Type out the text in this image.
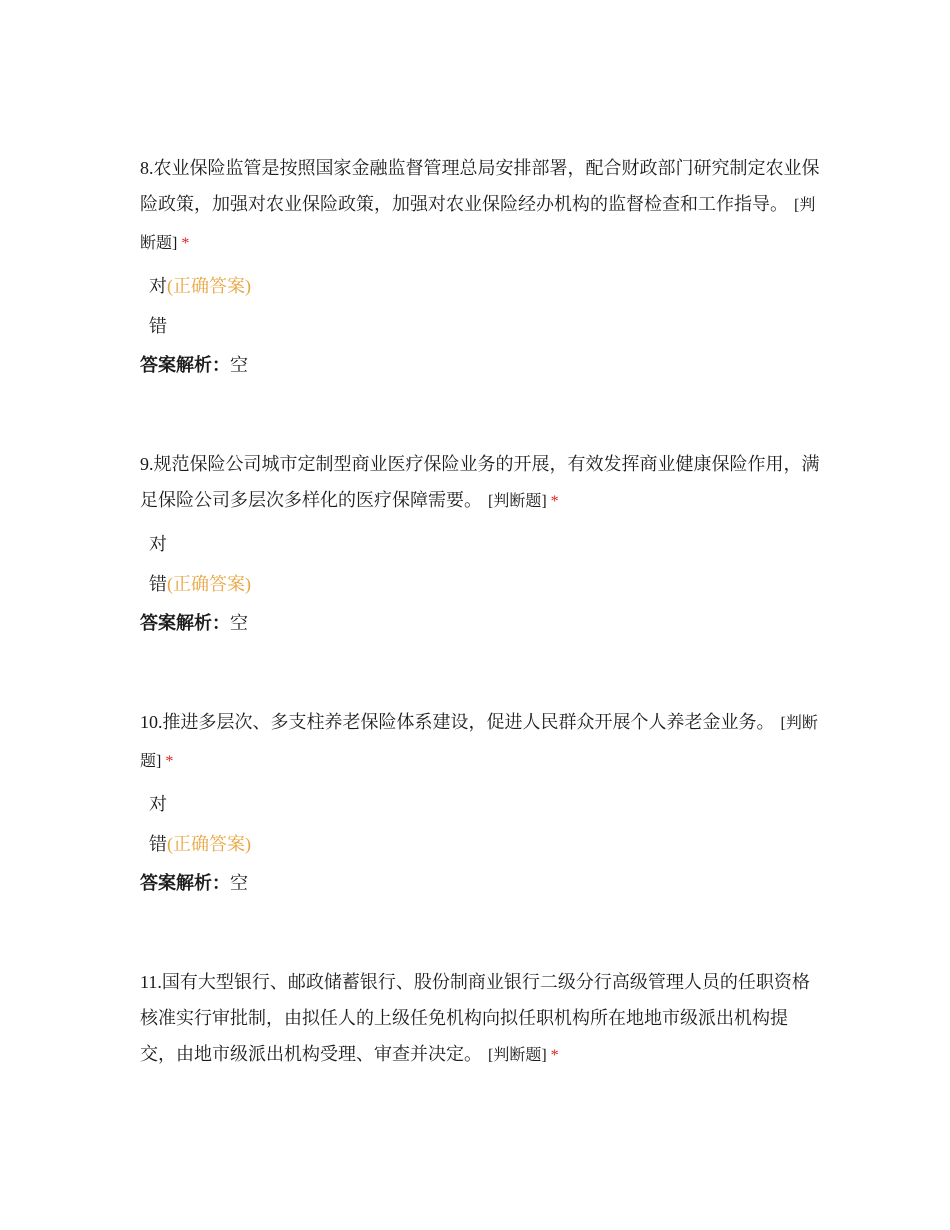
8.农业保险监管是按照国家金融监督管理总局安排部署，配合财政部门研究制定农业保险政策，加强对农业保险政策，加强对农业保险经办机构的监督检查和工作指导。 [判断题] *

对(正确答案)
错
答案解析：空

9.规范保险公司城市定制型商业医疗保险业务的开展，有效发挥商业健康保险作用，满足保险公司多层次多样化的医疗保障需要。 [判断题] *

对
错(正确答案)
答案解析：空

10.推进多层次、多支柱养老保险体系建设，促进人民群众开展个人养老金业务。 [判断题] *

对
错(正确答案)
答案解析：空

11.国有大型银行、邮政储蓄银行、股份制商业银行二级分行高级管理人员的任职资格核准实行审批制，由拟任人的上级任免机构向拟任职机构所在地地市级派出机构提交，由地市级派出机构受理、审查并决定。 [判断题] *
